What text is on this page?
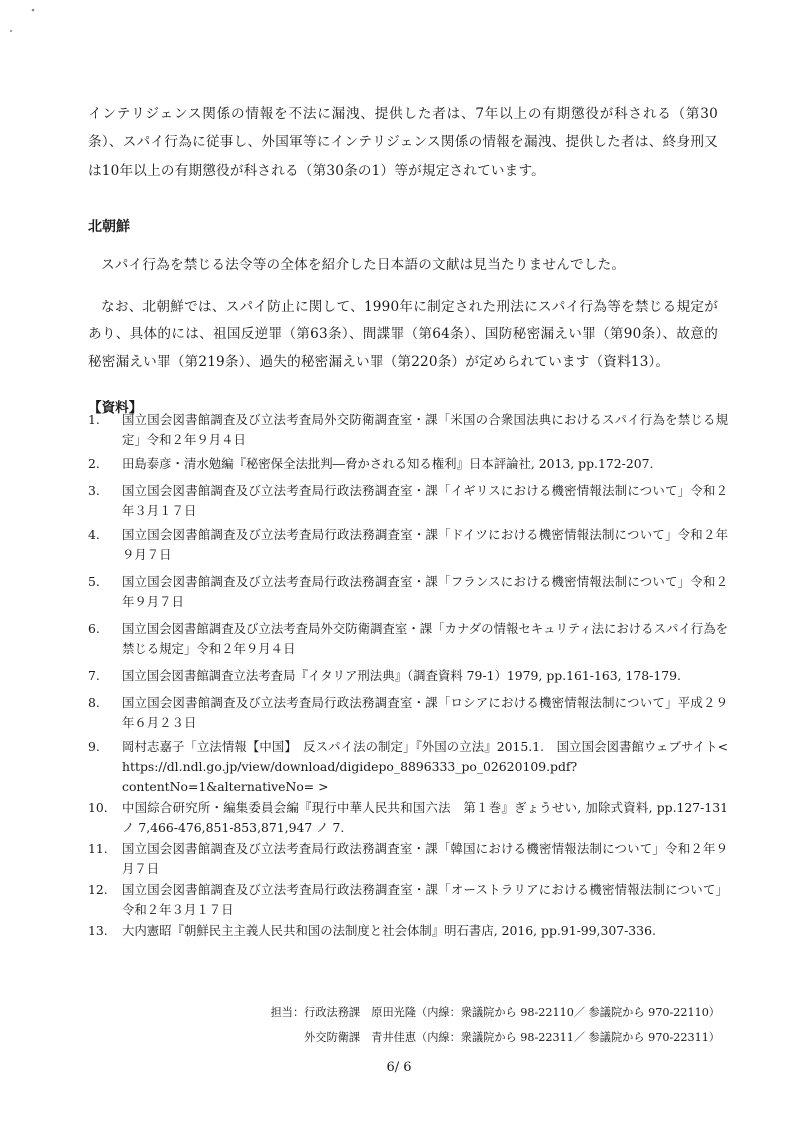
インテリジェンス関係の情報を不法に漏洩、提供した者は、7年以上の有期懲役が科される（第30条）、スパイ行為に従事し、外国軍等にインテリジェンス関係の情報を漏洩、提供した者は、終身刑又は10年以上の有期懲役が科される（第30条の1）等が規定されています。

北朝鮮

スパイ行為を禁じる法令等の全体を紹介した日本語の文献は見当たりませんでした。

なお、北朝鮮では、スパイ防止に関して、1990年に制定された刑法にスパイ行為等を禁じる規定があり、具体的には、祖国反逆罪（第63条）、間諜罪（第64条）、国防秘密漏えい罪（第90条）、故意的秘密漏えい罪（第219条）、過失的秘密漏えい罪（第220条）が定められています（資料13）。

【資料】
1. 国立国会図書館調査及び立法考査局外交防衛調査室・課「米国の合衆国法典におけるスパイ行為を禁じる規定」令和２年９月４日
2. 田島泰彦・清水勉編『秘密保全法批判―脅かされる知る権利』日本評論社, 2013, pp.172-207.
3. 国立国会図書館調査及び立法考査局行政法務調査室・課「イギリスにおける機密情報法制について」令和２年３月１７日
4. 国立国会図書館調査及び立法考査局行政法務調査室・課「ドイツにおける機密情報法制について」令和２年９月７日
5. 国立国会図書館調査及び立法考査局行政法務調査室・課「フランスにおける機密情報法制について」令和２年９月７日
6. 国立国会図書館調査及び立法考査局外交防衛調査室・課「カナダの情報セキュリティ法におけるスパイ行為を禁じる規定」令和２年９月４日
7. 国立国会図書館調査立法考査局『イタリア刑法典』（調査資料 79-1）1979, pp.161-163, 178-179.
8. 国立国会図書館調査及び立法考査局行政法務調査室・課「ロシアにおける機密情報法制について」平成２９年６月２３日
9. 岡村志嘉子「立法情報【中国】　反スパイ法の制定」『外国の立法』2015.1.　国立国会図書館ウェブサイト< https://dl.ndl.go.jp/view/download/digidepo_8896333_po_02620109.pdf?contentNo=1&alternativeNo= >
10. 中国綜合研究所・編集委員会編『現行中華人民共和国六法　第１巻』ぎょうせい, 加除式資料, pp.127-131 ノ 7,466-476,851-853,871,947 ノ 7.
11. 国立国会図書館調査及び立法考査局行政法務調査室・課「韓国における機密情報法制について」令和２年９月７日
12. 国立国会図書館調査及び立法考査局行政法務調査室・課「オーストラリアにおける機密情報法制について」令和２年３月１７日
13. 大内憲昭『朝鮮民主主義人民共和国の法制度と社会体制』明石書店, 2016, pp.91-99,307-336.
担当：行政法務課　原田光隆（内線：衆議院から 98-22110／ 参議院から 970-22110）
外交防衛課　青井佳恵（内線：衆議院から 98-22311／ 参議院から 970-22311）
6/ 6
